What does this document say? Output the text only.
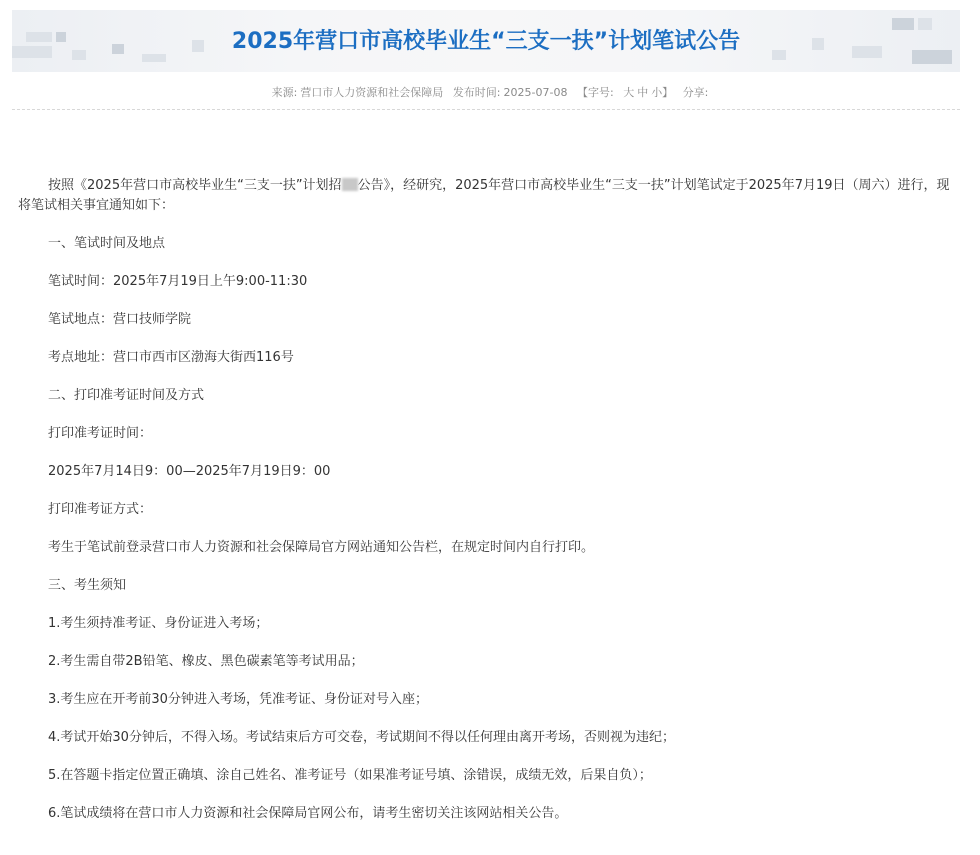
2025年营口市高校毕业生“三支一扶”计划笔试公告
来源: 营口市人力资源和社会保障局 发布时间: 2025-07-08 【字号: 大 中 小】 分享:

按照《2025年营口市高校毕业生“三支一扶”计划招 公告》，经研究，2025年营口市高校毕业生“三支一扶”计划笔试定于2025年7月19日（周六）进行，现将笔试相关事宜通知如下：

一、笔试时间及地点

笔试时间：2025年7月19日上午9:00-11:30

笔试地点：营口技师学院

考点地址：营口市西市区渤海大街西116号

二、打印准考证时间及方式

打印准考证时间：

2025年7月14日9：00—2025年7月19日9：00

打印准考证方式：

考生于笔试前登录营口市人力资源和社会保障局官方网站通知公告栏，在规定时间内自行打印。

三、考生须知

1.考生须持准考证、身份证进入考场；

2.考生需自带2B铅笔、橡皮、黑色碳素笔等考试用品；

3.考生应在开考前30分钟进入考场，凭准考证、身份证对号入座；

4.考试开始30分钟后，不得入场。考试结束后方可交卷，考试期间不得以任何理由离开考场，否则视为违纪；

5.在答题卡指定位置正确填、涂自己姓名、准考证号（如果准考证号填、涂错误，成绩无效，后果自负）；

6.笔试成绩将在营口市人力资源和社会保障局官网公布，请考生密切关注该网站相关公告。
